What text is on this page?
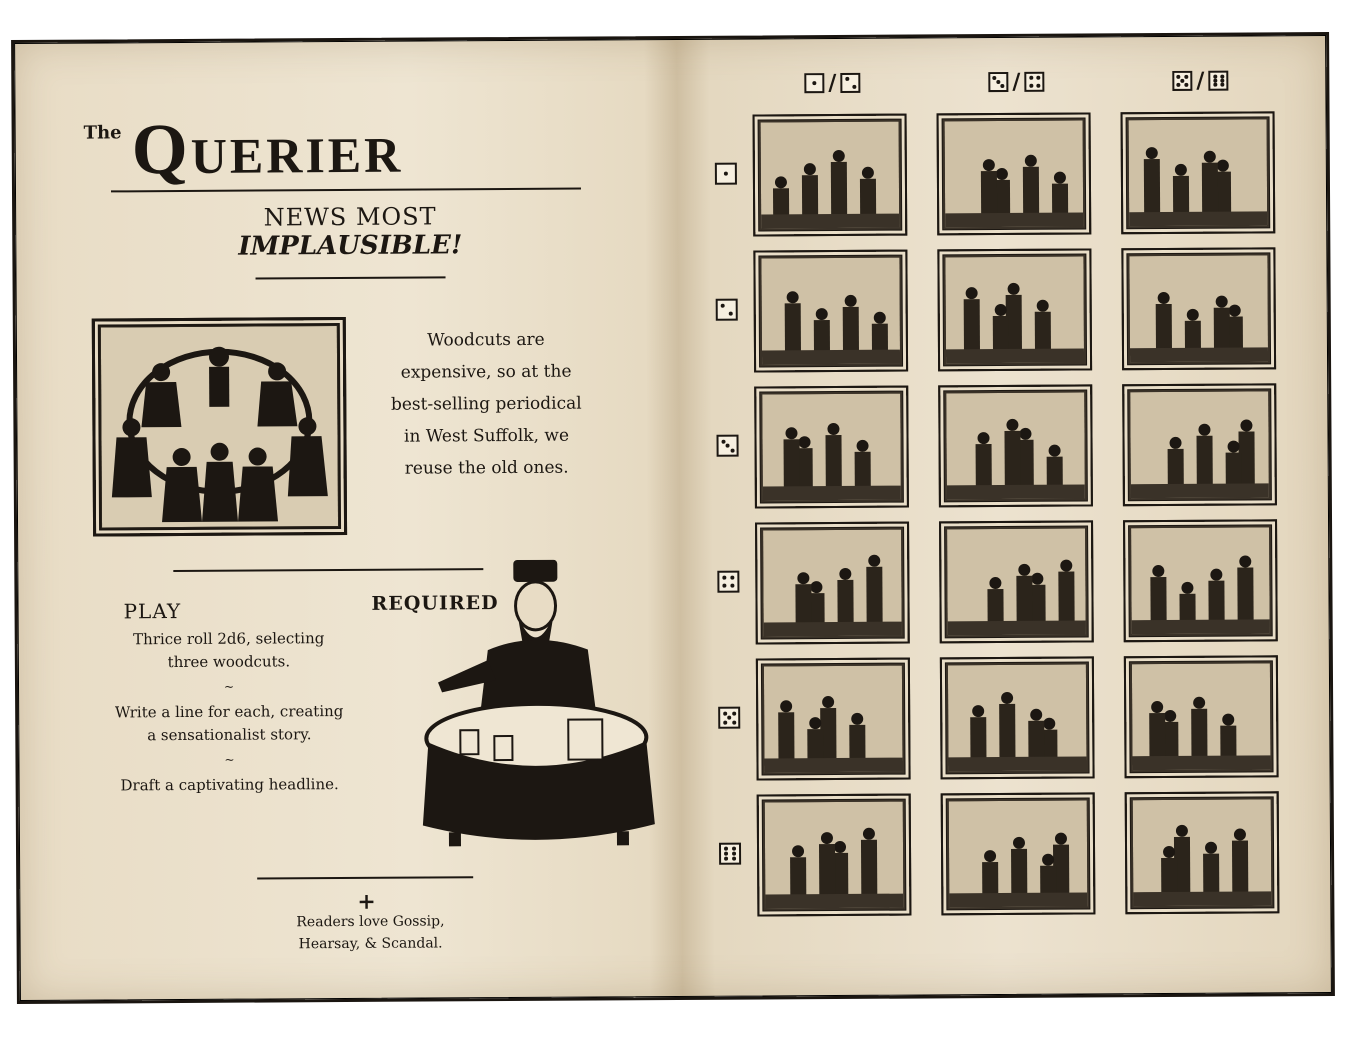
The Querier
NEWS MOST
IMPLAUSIBLE!
Woodcuts are expensive, so at the best-selling periodical in West Suffolk, we reuse the old ones.
PLAY	REQUIRED

Thrice roll 2d6, selecting three woodcuts.

~

Write a line for each, creating a sensationalist story.

~

Draft a captivating headline.

+
Readers love Gossip, Hearsay, & Scandal.
/	/	/
